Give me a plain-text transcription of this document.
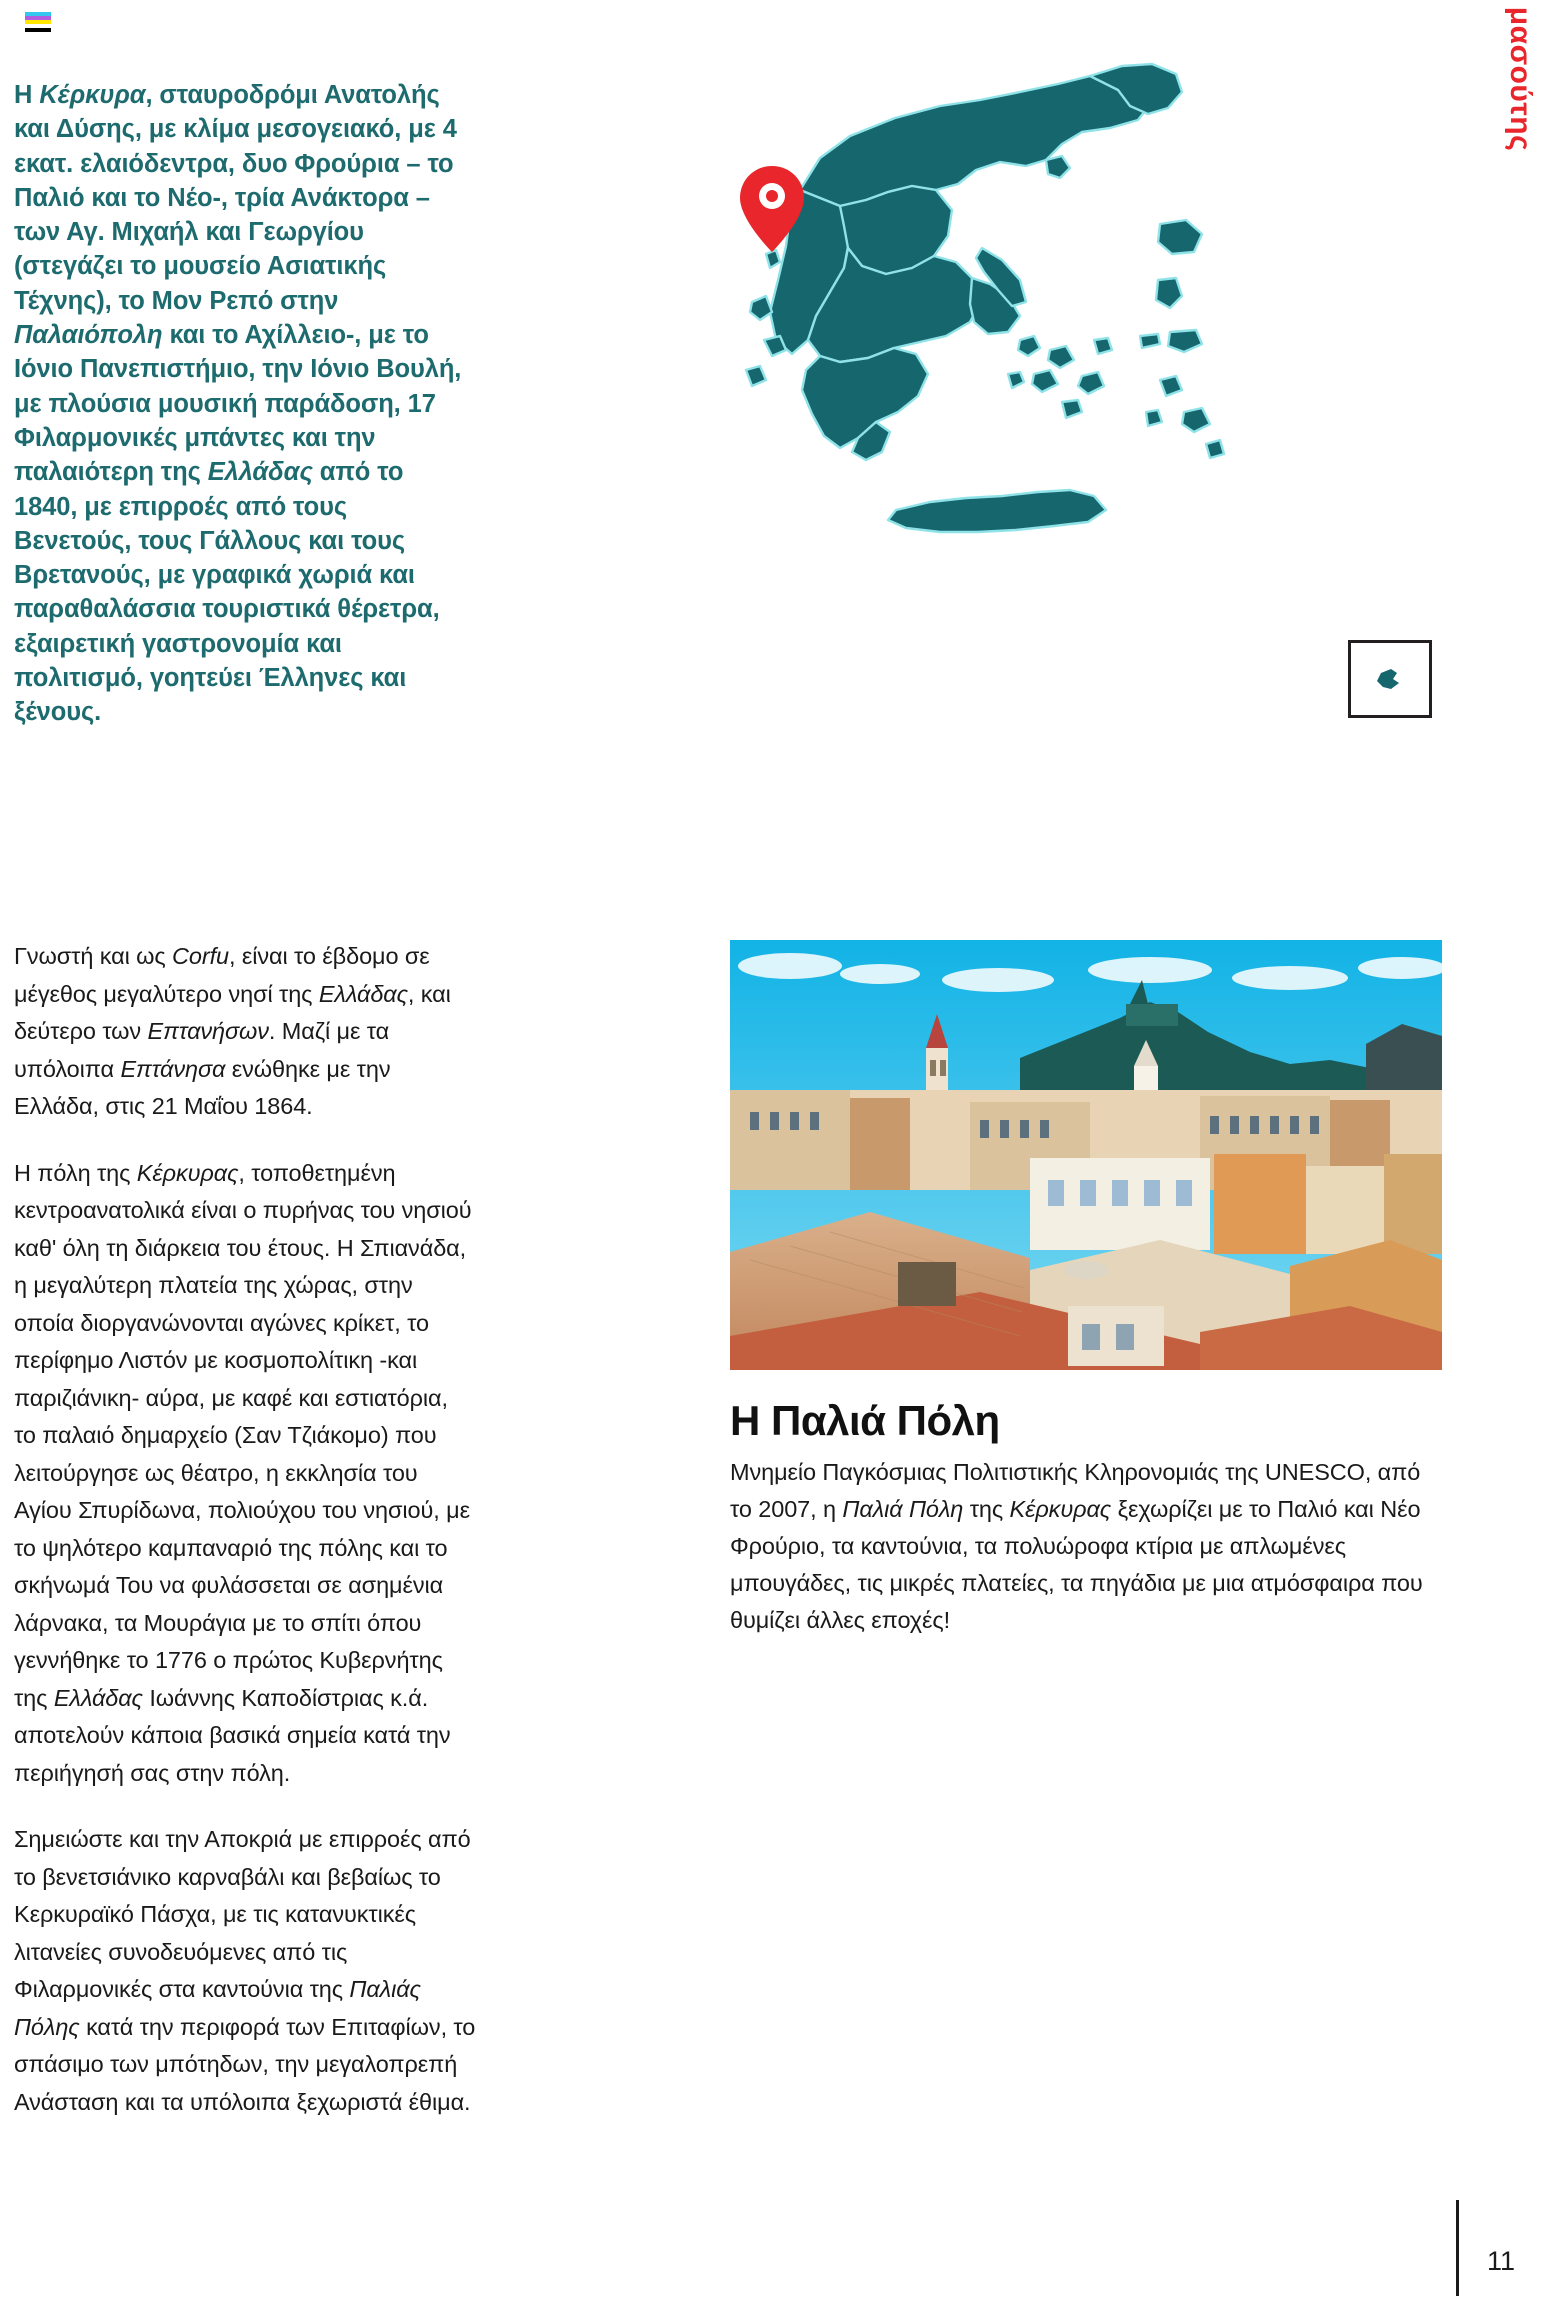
μασούτης
Η Κέρκυρα, σταυροδρόμι Ανατολής και Δύσης, με κλίμα μεσογειακό, με 4 εκατ. ελαιόδεντρα, δυο Φρούρια – το Παλιό και το Νέο-, τρία Ανάκτορα – των Αγ. Μιχαήλ και Γεωργίου (στεγάζει το μουσείο Ασιατικής Τέχνης), το Μον Ρεπό στην Παλαιόπολη και το Αχίλλειο-, με το Ιόνιο Πανεπιστήμιο, την Ιόνιο Βουλή, με πλούσια μουσική παράδοση, 17 Φιλαρμονικές μπάντες και την παλαιότερη της Ελλάδας από το 1840, με επιρροές από τους Βενετούς, τους Γάλλους και τους Βρετανούς, με γραφικά χωριά και παραθαλάσσια τουριστικά θέρετρα, εξαιρετική γαστρονομία και πολιτισμό, γοητεύει Έλληνες και ξένους.

Γνωστή και ως Corfu, είναι το έβδομο σε μέγεθος μεγαλύτερο νησί της Ελλάδας, και δεύτερο των Επτανήσων. Μαζί με τα υπόλοιπα Επτάνησα ενώθηκε με την Ελλάδα, στις 21 Μαΐου 1864.

Η πόλη της Κέρκυρας, τοποθετημένη κεντροανατολικά είναι ο πυρήνας του νησιού καθ' όλη τη διάρκεια του έτους. Η Σπιανάδα, η μεγαλύτερη πλατεία της χώρας, στην οποία διοργανώνονται αγώνες κρίκετ, το περίφημο Λιστόν με κοσμοπολίτικη -και παριζιάνικη- αύρα, με καφέ και εστιατόρια, το παλαιό δημαρχείο (Σαν Τζιάκομο) που λειτούργησε ως θέατρο, η εκκλησία του Αγίου Σπυρίδωνα, πολιούχου του νησιού, με το ψηλότερο καμπαναριό της πόλης και το σκήνωμά Του να φυλάσσεται σε ασημένια λάρνακα, τα Μουράγια με το σπίτι όπου γεννήθηκε το 1776 ο πρώτος Κυβερνήτης της Ελλάδας Ιωάννης Καποδίστριας κ.ά. αποτελούν κάποια βασικά σημεία κατά την περιήγησή σας στην πόλη.

Σημειώστε και την Αποκριά με επιρροές από το βενετσιάνικο καρναβάλι και βεβαίως το Κερκυραϊκό Πάσχα, με τις κατανυκτικές λιτανείες συνοδευόμενες από τις Φιλαρμονικές στα καντούνια της Παλιάς Πόλης κατά την περιφορά των Επιταφίων, το σπάσιμο των μπότηδων, την μεγαλοπρεπή Ανάσταση και τα υπόλοιπα ξεχωριστά έθιμα.

Η Παλιά Πόλη

Μνημείο Παγκόσμιας Πολιτιστικής Κληρονομιάς της UNESCO, από το 2007, η Παλιά Πόλη της Κέρκυρας ξεχωρίζει με το Παλιό και Νέο Φρούριο, τα καντούνια, τα πολυώροφα κτίρια με απλωμένες μπουγάδες, τις μικρές πλατείες, τα πηγάδια με μια ατμόσφαιρα που θυμίζει άλλες εποχές!

11
